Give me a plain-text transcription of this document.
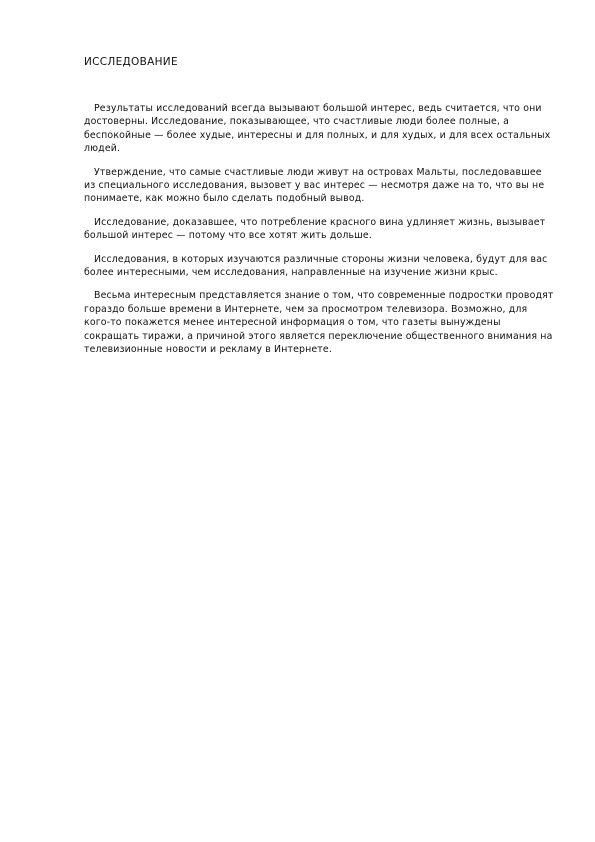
ИССЛЕДОВАНИЕ

Результаты исследований всегда вызывают большой интерес, ведь считается, что они достоверны. Исследование, показывающее, что счастливые люди более полные, а беспокойные — более худые, интересны и для полных, и для худых, и для всех остальных людей.

Утверждение, что самые счастливые люди живут на островах Мальты, последовавшее из специального исследования, вызовет у вас интерес — несмотря даже на то, что вы не понимаете, как можно было сделать подобный вывод.

Исследование, доказавшее, что потребление красного вина удлиняет жизнь, вызывает большой интерес — потому что все хотят жить дольше.

Исследования, в которых изучаются различные стороны жизни человека, будут для вас более интересными, чем исследования, направленные на изучение жизни крыс.

Весьма интересным представляется знание о том, что современные подростки проводят гораздо больше времени в Интернете, чем за просмотром телевизора. Возможно, для кого-то покажется менее интересной информация о том, что газеты вынуждены сокращать тиражи, а причиной этого является переключение общественного внимания на телевизионные новости и рекламу в Интернете.
